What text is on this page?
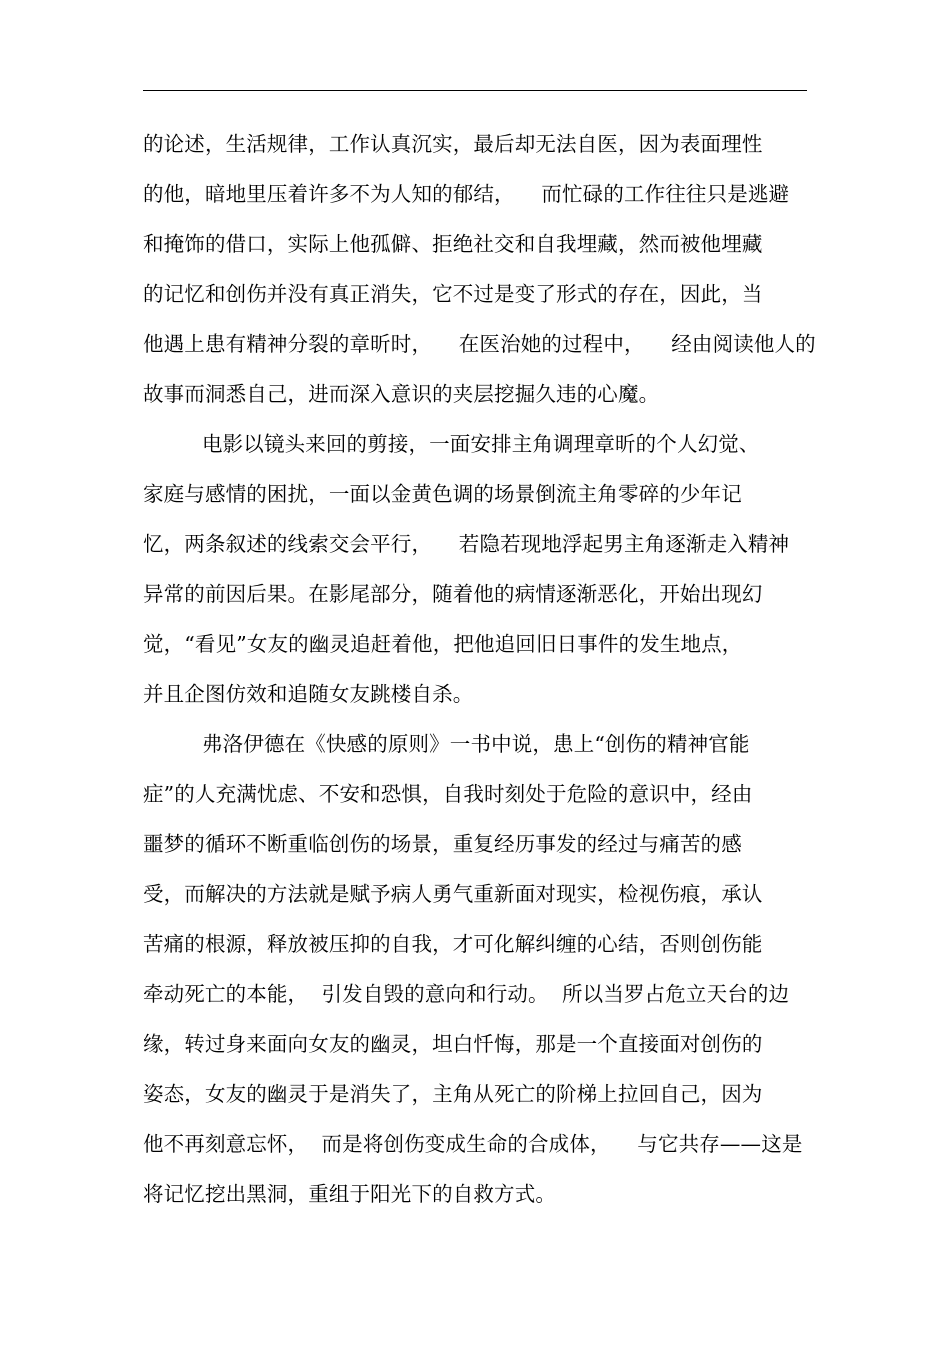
的论述，生活规律，工作认真沉实，最后却无法自医，因为表面理性
的他，暗地里压着许多不为人知的郁结，    而忙碌的工作往往只是逃避
和掩饰的借口，实际上他孤僻、拒绝社交和自我埋藏，然而被他埋藏
的记忆和创伤并没有真正消失，它不过是变了形式的存在，因此，当
他遇上患有精神分裂的章昕时，    在医治她的过程中，    经由阅读他人的
故事而洞悉自己，进而深入意识的夹层挖掘久违的心魔。
电影以镜头来回的剪接，一面安排主角调理章昕的个人幻觉、
家庭与感情的困扰，一面以金黄色调的场景倒流主角零碎的少年记
忆，两条叙述的线索交会平行，    若隐若现地浮起男主角逐渐走入精神
异常的前因后果。在影尾部分，随着他的病情逐渐恶化，开始出现幻
觉，“看见”女友的幽灵追赶着他，把他追回旧日事件的发生地点，
并且企图仿效和追随女友跳楼自杀。
弗洛伊德在《快感的原则》一书中说，患上“创伤的精神官能
症”的人充满忧虑、不安和恐惧，自我时刻处于危险的意识中，经由
噩梦的循环不断重临创伤的场景，重复经历事发的经过与痛苦的感
受，而解决的方法就是赋予病人勇气重新面对现实，检视伤痕，承认
苦痛的根源，释放被压抑的自我，才可化解纠缠的心结，否则创伤能
牵动死亡的本能，  引发自毁的意向和行动。  所以当罗占危立天台的边
缘，转过身来面向女友的幽灵，坦白忏悔，那是一个直接面对创伤的
姿态，女友的幽灵于是消失了，主角从死亡的阶梯上拉回自己，因为
他不再刻意忘怀，  而是将创伤变成生命的合成体，    与它共存——这是
将记忆挖出黑洞，重组于阳光下的自救方式。
